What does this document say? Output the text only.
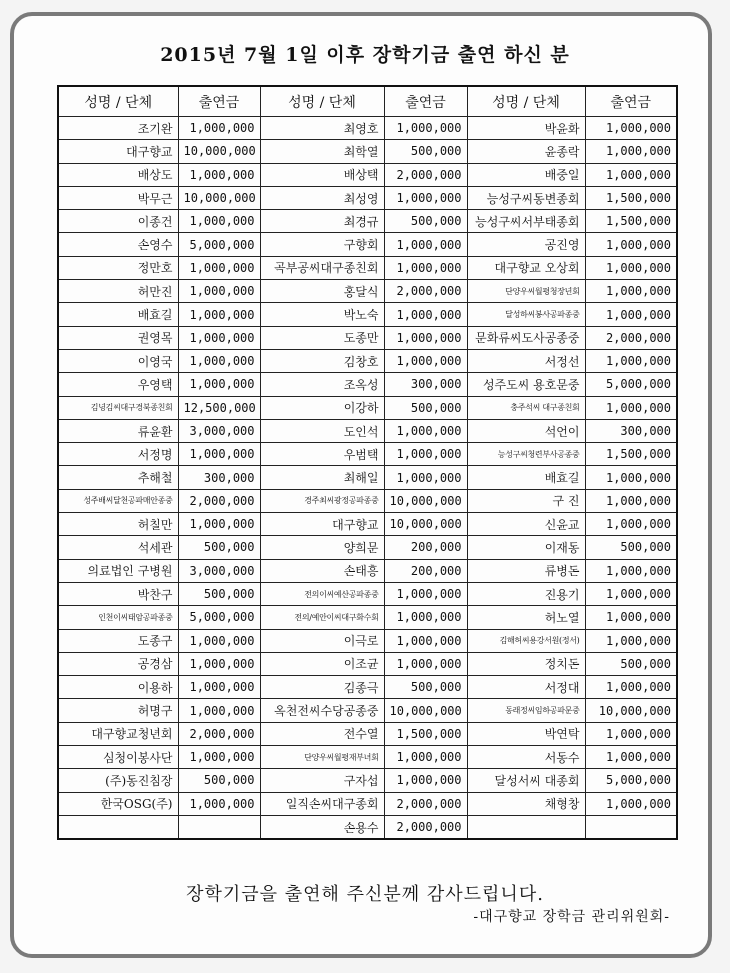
2015년 7월 1일 이후 장학기금 출연 하신 분
성명 / 단체	출연금	성명 / 단체	출연금	성명 / 단체	출연금
조기완	1,000,000	최영호	1,000,000	박윤화	1,000,000
대구향교	10,000,000	최학열	500,000	윤종락	1,000,000
배상도	1,000,000	배상택	2,000,000	배중일	1,000,000
박무근	10,000,000	최성영	1,000,000	능성구씨동변종회	1,500,000
이종건	1,000,000	최경규	500,000	능성구씨서부태종회	1,500,000
손영수	5,000,000	구향회	1,000,000	공진영	1,000,000
정만호	1,000,000	곡부공씨대구종친회	1,000,000	대구향교 오상회	1,000,000
허만진	1,000,000	홍달식	2,000,000	단양우씨월평청장년회	1,000,000
배효길	1,000,000	박노숙	1,000,000	달성하씨봉사공파종중	1,000,000
권영목	1,000,000	도종만	1,000,000	문화류씨도사공종중	2,000,000
이영국	1,000,000	김창호	1,000,000	서정선	1,000,000
우영택	1,000,000	조옥성	300,000	성주도씨 용호문중	5,000,000
김녕김씨대구경북종친회	12,500,000	이강하	500,000	충주석씨 대구종친회	1,000,000
류윤환	3,000,000	도인석	1,000,000	석언이	300,000
서정명	1,000,000	우범택	1,000,000	능성구씨청련부사공종중	1,500,000
추해철	300,000	최해일	1,000,000	배효길	1,000,000
성주배씨달천공파매안종중	2,000,000	경주최씨광정공파종중	10,000,000	구 진	1,000,000
허칠만	1,000,000	대구향교	10,000,000	신윤교	1,000,000
석세관	500,000	양희문	200,000	이재동	500,000
의료법인 구병원	3,000,000	손태흥	200,000	류병돈	1,000,000
박찬구	500,000	전의이씨예산공파종중	1,000,000	진용기	1,000,000
인천이씨태암공파종중	5,000,000	전의/예안이씨대구화수회	1,000,000	허노열	1,000,000
도종구	1,000,000	이극로	1,000,000	김해허씨용강서원(정서)	1,000,000
공경삼	1,000,000	이조균	1,000,000	정치돈	500,000
이용하	1,000,000	김종극	500,000	서정대	1,000,000
허명구	1,000,000	옥천전씨수당공종중	10,000,000	동래정씨임하공파문중	10,000,000
대구향교청년회	2,000,000	전수열	1,500,000	박연탁	1,000,000
심청이봉사단	1,000,000	단양우씨월평재부녀회	1,000,000	서동수	1,000,000
(주)동진침장	500,000	구자섭	1,000,000	달성서씨 대종회	5,000,000
한국OSG(주)	1,000,000	일직손씨대구종회	2,000,000	채형창	1,000,000
		손용수	2,000,000		
장학기금을 출연해 주신분께 감사드립니다.
-대구향교 장학금 관리위원회-
